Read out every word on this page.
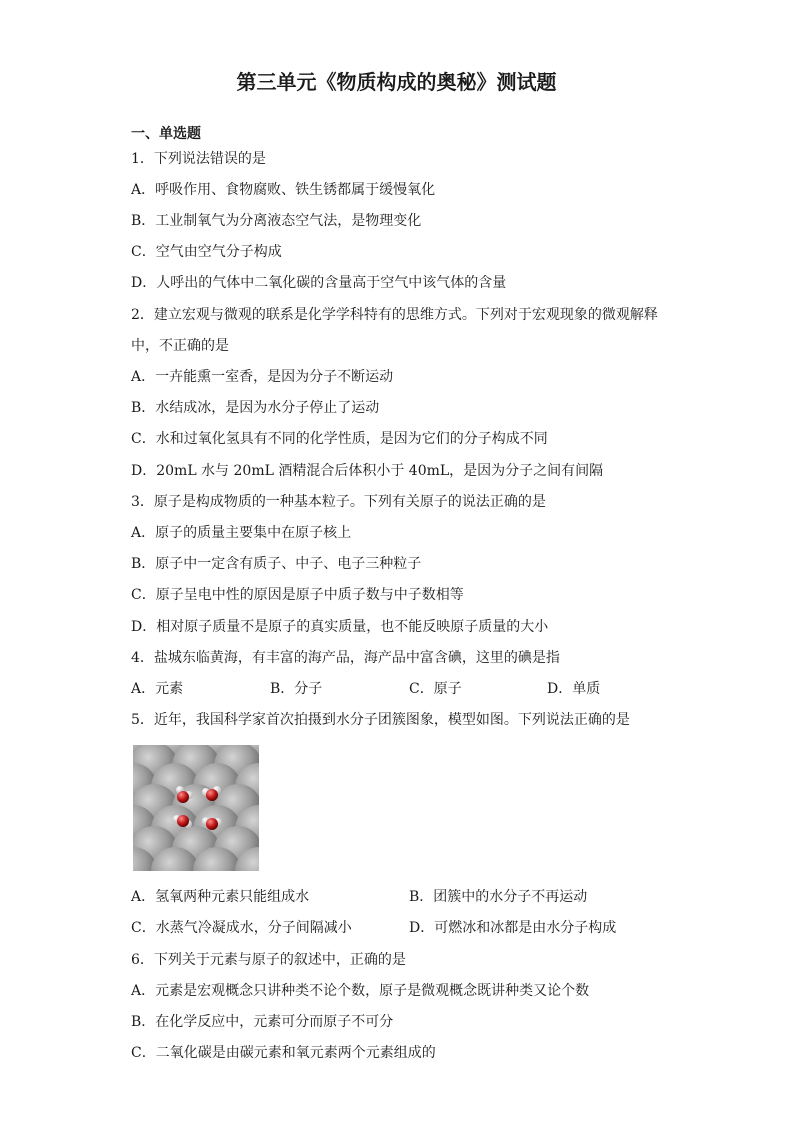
第三单元《物质构成的奥秘》测试题
一、单选题
1．下列说法错误的是
A．呼吸作用、食物腐败、铁生锈都属于缓慢氧化
B．工业制氧气为分离液态空气法，是物理变化
C．空气由空气分子构成
D．人呼出的气体中二氧化碳的含量高于空气中该气体的含量
2．建立宏观与微观的联系是化学学科特有的思维方式。下列对于宏观现象的微观解释
中，不正确的是
A．一卉能熏一室香，是因为分子不断运动
B．水结成冰，是因为水分子停止了运动
C．水和过氧化氢具有不同的化学性质，是因为它们的分子构成不同
D．20mL 水与 20mL 酒精混合后体积小于 40mL，是因为分子之间有间隔
3．原子是构成物质的一种基本粒子。下列有关原子的说法正确的是
A．原子的质量主要集中在原子核上
B．原子中一定含有质子、中子、电子三种粒子
C．原子呈电中性的原因是原子中质子数与中子数相等
D．相对原子质量不是原子的真实质量，也不能反映原子质量的大小
4．盐城东临黄海，有丰富的海产品，海产品中富含碘，这里的碘是指
A．元素	B．分子	C．原子	D．单质
5．近年，我国科学家首次拍摄到水分子团簇图象，模型如图。下列说法正确的是
A．氢氧两种元素只能组成水	B．团簇中的水分子不再运动
C．水蒸气冷凝成水，分子间隔减小	D．可燃冰和冰都是由水分子构成
6．下列关于元素与原子的叙述中，正确的是
A．元素是宏观概念只讲种类不论个数，原子是微观概念既讲种类又论个数
B．在化学反应中，元素可分而原子不可分
C．二氧化碳是由碳元素和氧元素两个元素组成的
